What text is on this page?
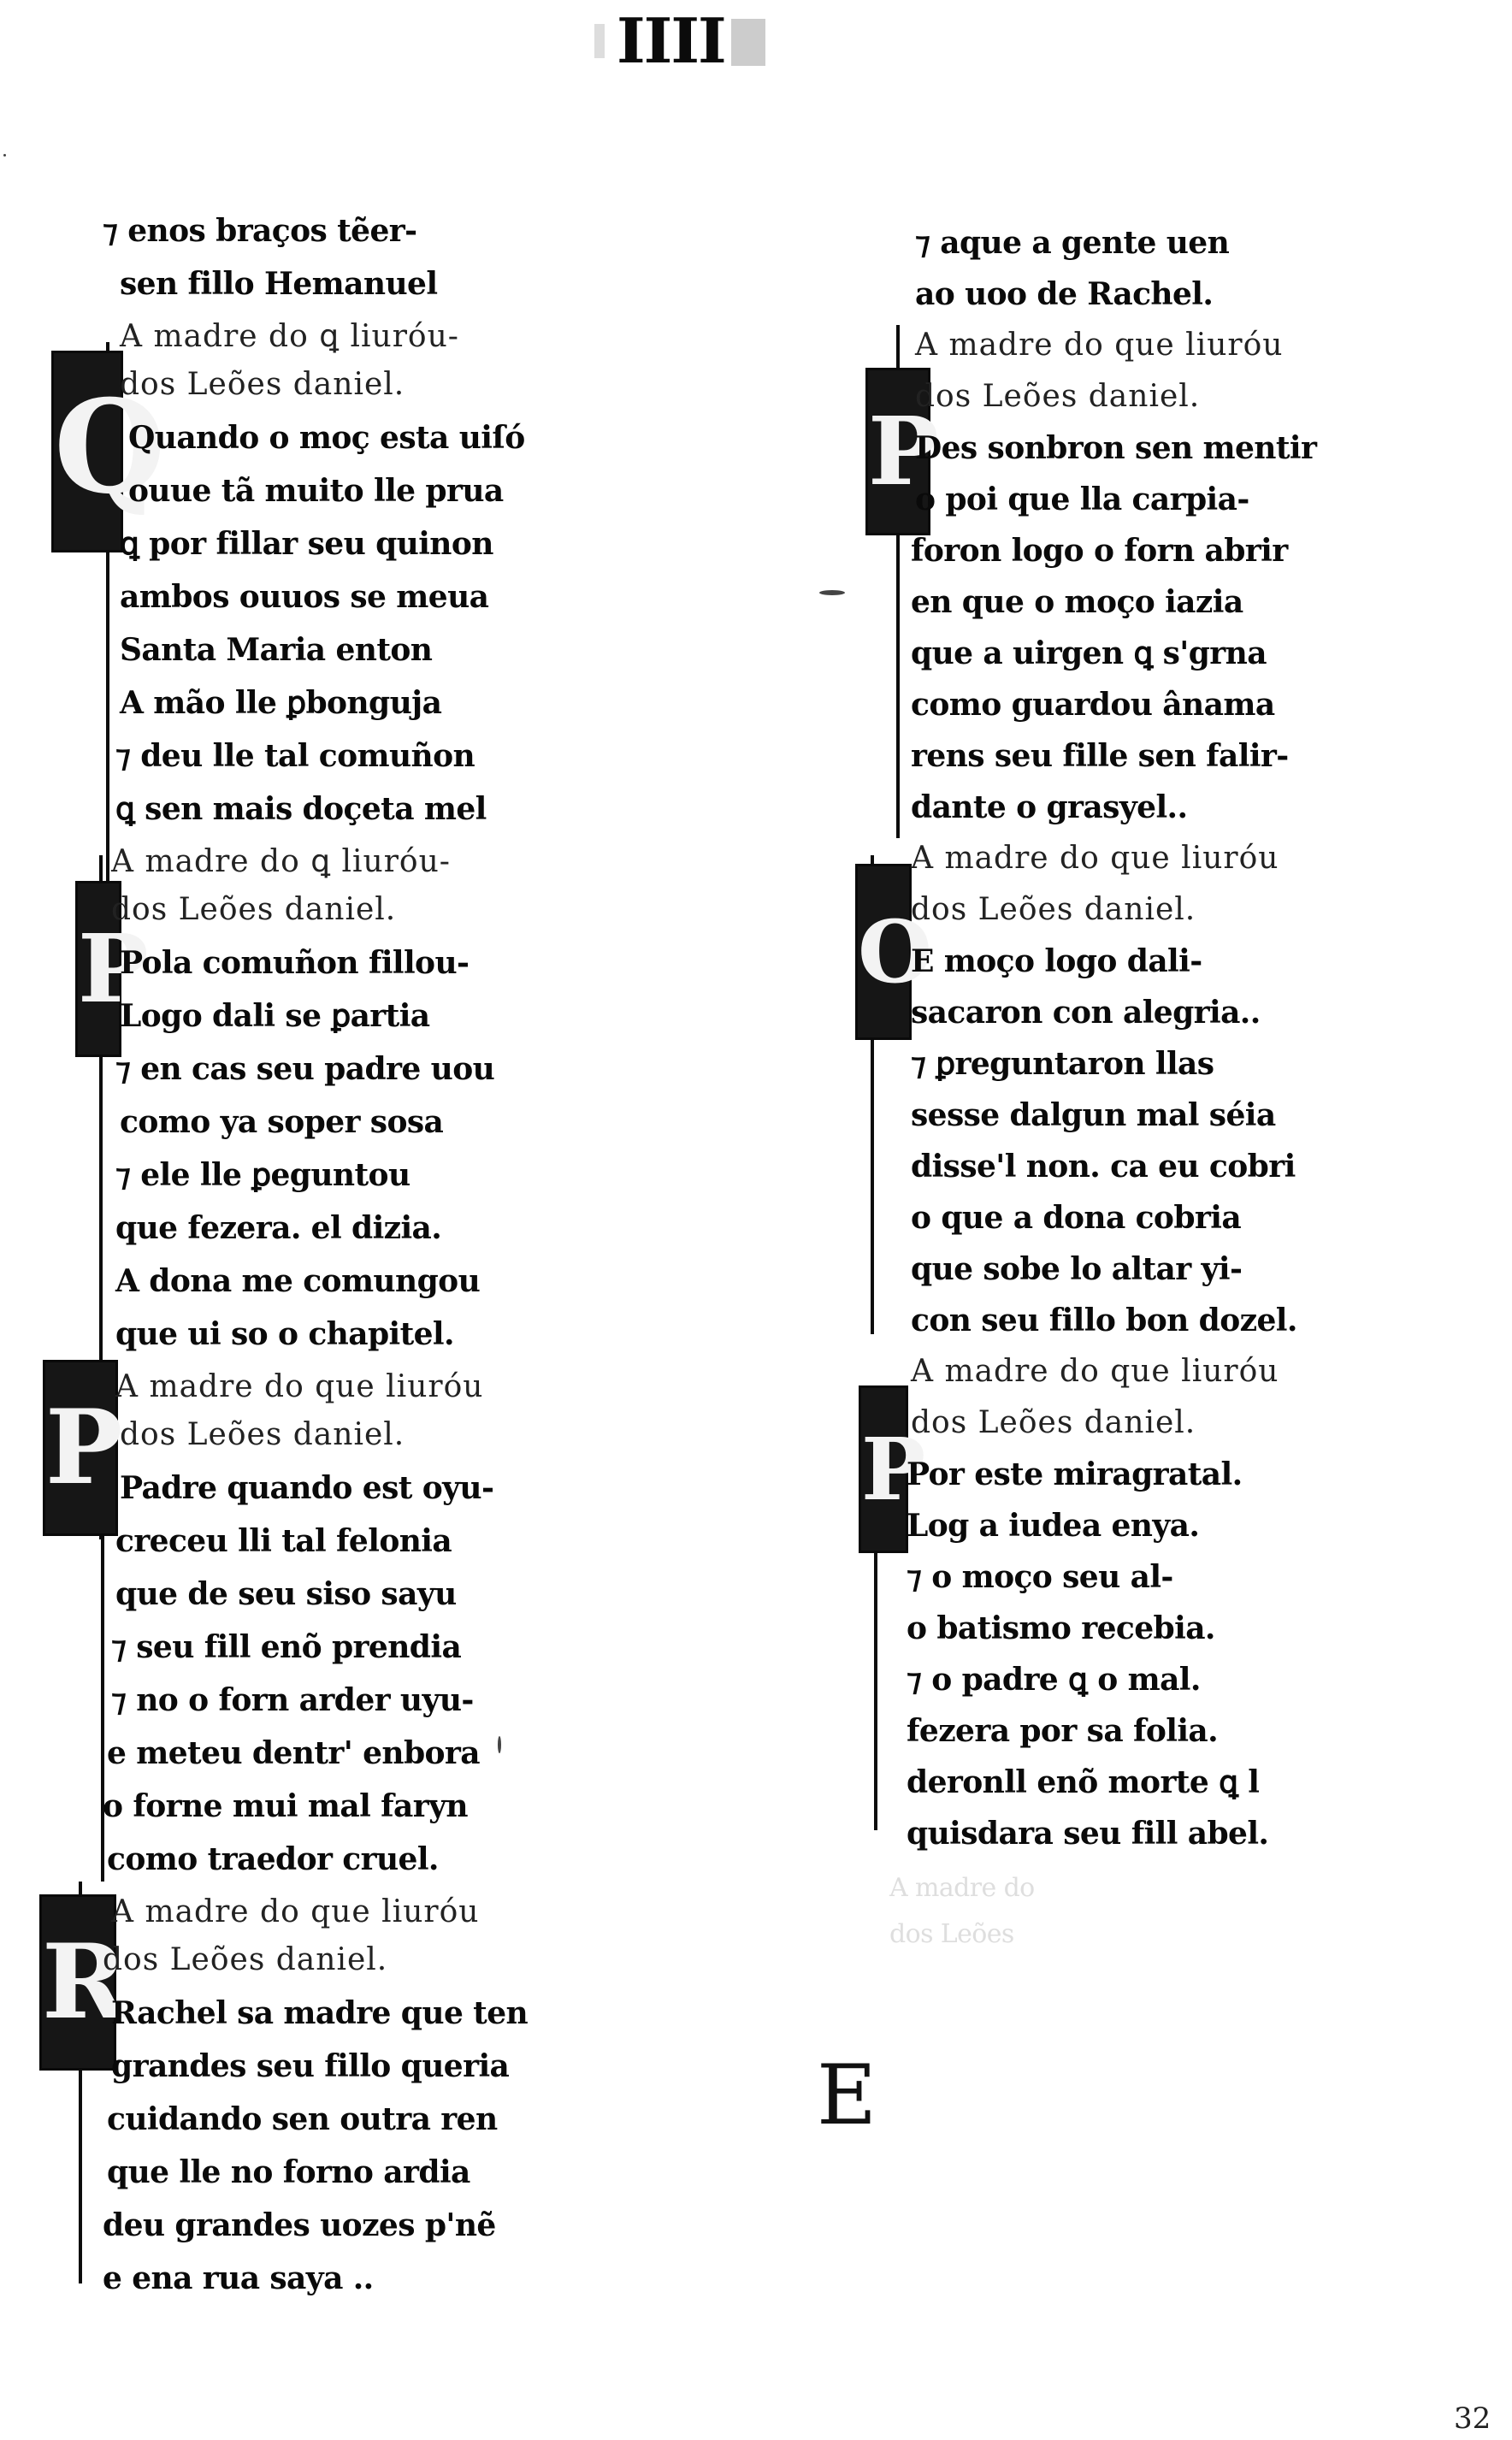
IIII
Q
P
P
R
P
O
P
⁊ enos braços tẽer-
sen fillo Hemanuel
A madre do ꝗ liuróu-
dos Leões daniel.
Quando o moç esta uiſó
ouue tã muito lle prua
ꝗ por fillar seu quinon
ambos ouuos se meua
Santa Maria enton
A mão lle ꝑbonguja
⁊ deu lle tal comuñon
ꝗ sen mais doçeta mel
A madre do ꝗ liuróu-
dos Leões daniel.
Pola comuñon fillou-
Logo dali se ꝑartia
⁊ en cas seu padre uou
como ya soper sosa
⁊ ele lle ꝑeguntou
que fezera. el dizia.
A dona me comungou
que ui so o chapitel.
A madre do que liuróu
dos Leões daniel.
Padre quando est oyu-
creceu lli tal felonia
que de seu siso sayu
⁊ seu fill enõ prendia
⁊ no o forn arder uyu-
e meteu dentr' enbora
o forne mui mal faryn
como traedor cruel.
A madre do que liuróu
dos Leões daniel.
Rachel sa madre que ten
grandes seu fillo queria
cuidando sen outra ren
que lle no forno ardia
deu grandes uozes p'nẽ
e ena rua saya ..
⁊ aque a gente uen
ao uoo de Rachel.
A madre do que liuróu
dos Leões daniel.
Des sonbron sen mentir
o poi que lla carpia-
foron logo o forn abrir
en que o moço iazia
que a uirgen ꝗ s'grna
como guardou ânama
rens seu fille sen falir-
dante o grasyel..
A madre do que liuróu
dos Leões daniel.
E moço logo dali-
sacaron con alegria..
⁊ ꝑreguntaron llas
sesse dalgun mal séia
disse'l non. ca eu cobri
o que a dona cobria
que sobe lo altar yi-
con seu fillo bon dozel.
A madre do que liuróu
dos Leões daniel.
Por este miragratal.
Log a iudea enya.
⁊ o moço seu al-
o batismo recebia.
⁊ o padre ꝗ o mal.
fezera por sa folia.
deronll enõ morte ꝗ l
quisdara seu fill abel.
A madre do
dos Leões
E
32
